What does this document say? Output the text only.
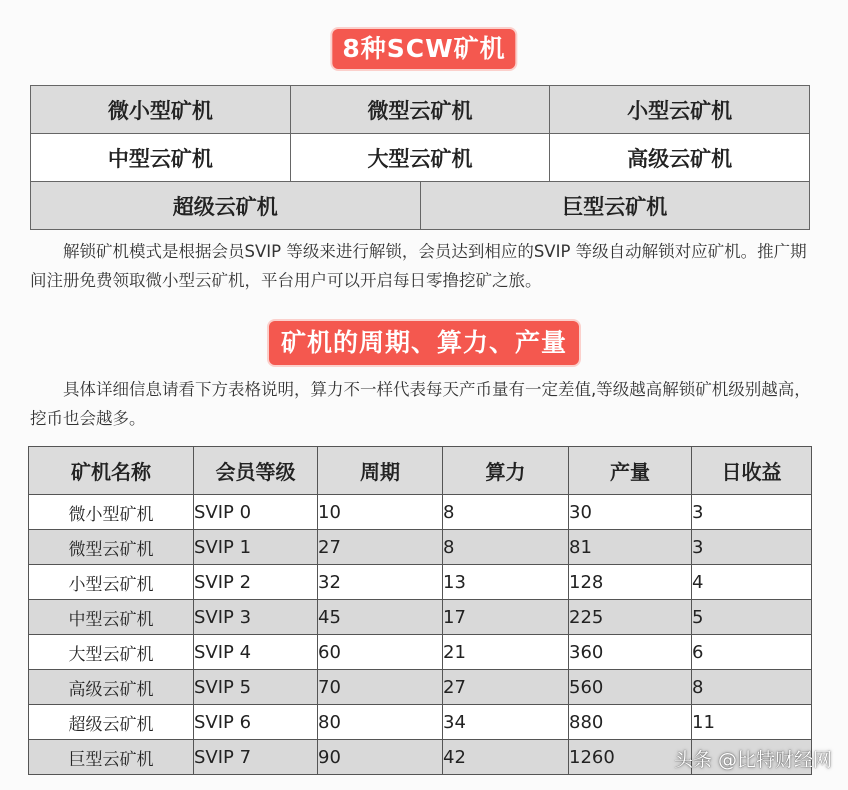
8种SCW矿机
微小型矿机	微型云矿机	小型云矿机
中型云矿机	大型云矿机	高级云矿机
超级云矿机	巨型云矿机

解锁矿机模式是根据会员SVIP 等级来进行解锁，会员达到相应的SVIP 等级自动解锁对应矿机。推广期间注册免费领取微小型云矿机，平台用户可以开启每日零撸挖矿之旅。

矿机的周期、算力、产量

具体详细信息请看下方表格说明，算力不一样代表每天产币量有一定差值,等级越高解锁矿机级别越高，挖币也会越多。

矿机名称	会员等级	周期	算力	产量	日收益
微小型矿机	SVIP 0	10	8	30	3
微型云矿机	SVIP 1	27	8	81	3
小型云矿机	SVIP 2	32	13	128	4
中型云矿机	SVIP 3	45	17	225	5
大型云矿机	SVIP 4	60	21	360	6
高级云矿机	SVIP 5	70	27	560	8
超级云矿机	SVIP 6	80	34	880	11
巨型云矿机	SVIP 7	90	42	1260		头条 @比特财经网
